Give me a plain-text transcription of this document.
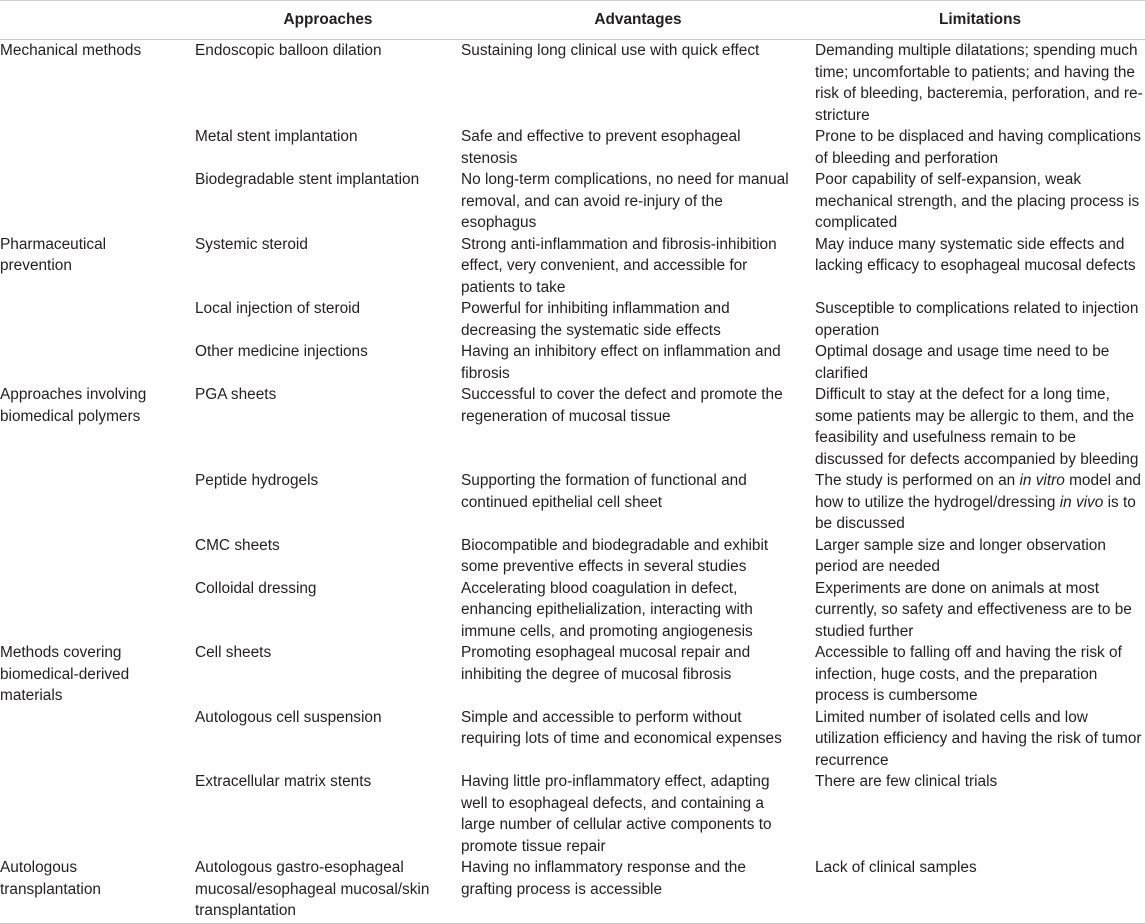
	Approaches	Advantages	Limitations
Mechanical methods	Endoscopic balloon dilation	Sustaining long clinical use with quick effect	Demanding multiple dilatations; spending much time; uncomfortable to patients; and having the risk of bleeding, bacteremia, perforation, and re-stricture
	Metal stent implantation	Safe and effective to prevent esophageal stenosis	Prone to be displaced and having complications of bleeding and perforation
	Biodegradable stent implantation	No long-term complications, no need for manual removal, and can avoid re-injury of the esophagus	Poor capability of self-expansion, weak mechanical strength, and the placing process is complicated
Pharmaceutical prevention	Systemic steroid	Strong anti-inflammation and fibrosis-inhibition effect, very convenient, and accessible for patients to take	May induce many systematic side effects and lacking efficacy to esophageal mucosal defects
	Local injection of steroid	Powerful for inhibiting inflammation and decreasing the systematic side effects	Susceptible to complications related to injection operation
	Other medicine injections	Having an inhibitory effect on inflammation and fibrosis	Optimal dosage and usage time need to be clarified
Approaches involving biomedical polymers	PGA sheets	Successful to cover the defect and promote the regeneration of mucosal tissue	Difficult to stay at the defect for a long time, some patients may be allergic to them, and the feasibility and usefulness remain to be discussed for defects accompanied by bleeding
	Peptide hydrogels	Supporting the formation of functional and continued epithelial cell sheet	The study is performed on an in vitro model and how to utilize the hydrogel/dressing in vivo is to be discussed
	CMC sheets	Biocompatible and biodegradable and exhibit some preventive effects in several studies	Larger sample size and longer observation period are needed
	Colloidal dressing	Accelerating blood coagulation in defect, enhancing epithelialization, interacting with immune cells, and promoting angiogenesis	Experiments are done on animals at most currently, so safety and effectiveness are to be studied further
Methods covering biomedical-derived materials	Cell sheets	Promoting esophageal mucosal repair and inhibiting the degree of mucosal fibrosis	Accessible to falling off and having the risk of infection, huge costs, and the preparation process is cumbersome
	Autologous cell suspension	Simple and accessible to perform without requiring lots of time and economical expenses	Limited number of isolated cells and low utilization efficiency and having the risk of tumor recurrence
	Extracellular matrix stents	Having little pro-inflammatory effect, adapting well to esophageal defects, and containing a large number of cellular active components to promote tissue repair	There are few clinical trials
Autologous transplantation	Autologous gastro-esophageal mucosal/esophageal mucosal/skin transplantation	Having no inflammatory response and the grafting process is accessible	Lack of clinical samples
